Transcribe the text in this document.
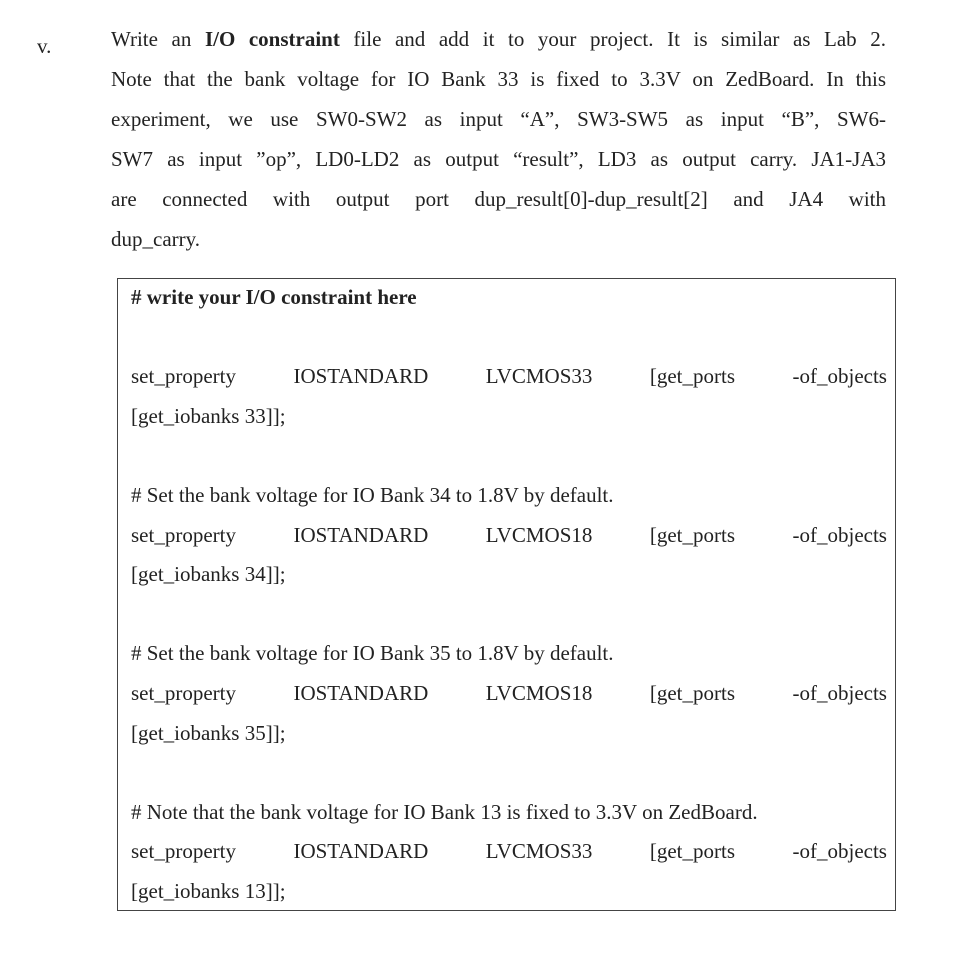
v.	Write an I/O constraint file and add it to your project. It is similar as Lab 2.
Note that the bank voltage for IO Bank 33 is fixed to 3.3V on ZedBoard. In this
experiment, we use SW0-SW2 as input “A”, SW3-SW5 as input “B”, SW6-
SW7 as input ”op”, LD0-LD2 as output “result”, LD3 as output carry. JA1-JA3
are connected with output port dup_result[0]-dup_result[2] and JA4 with
dup_carry.
# write your I/O constraint here
set_property	IOSTANDARD	LVCMOS33	[get_ports	-of_objects
[get_iobanks 33]];
# Set the bank voltage for IO Bank 34 to 1.8V by default.
set_property	IOSTANDARD	LVCMOS18	[get_ports	-of_objects
[get_iobanks 34]];
# Set the bank voltage for IO Bank 35 to 1.8V by default.
set_property	IOSTANDARD	LVCMOS18	[get_ports	-of_objects
[get_iobanks 35]];
# Note that the bank voltage for IO Bank 13 is fixed to 3.3V on ZedBoard.
set_property	IOSTANDARD	LVCMOS33	[get_ports	-of_objects
[get_iobanks 13]];
